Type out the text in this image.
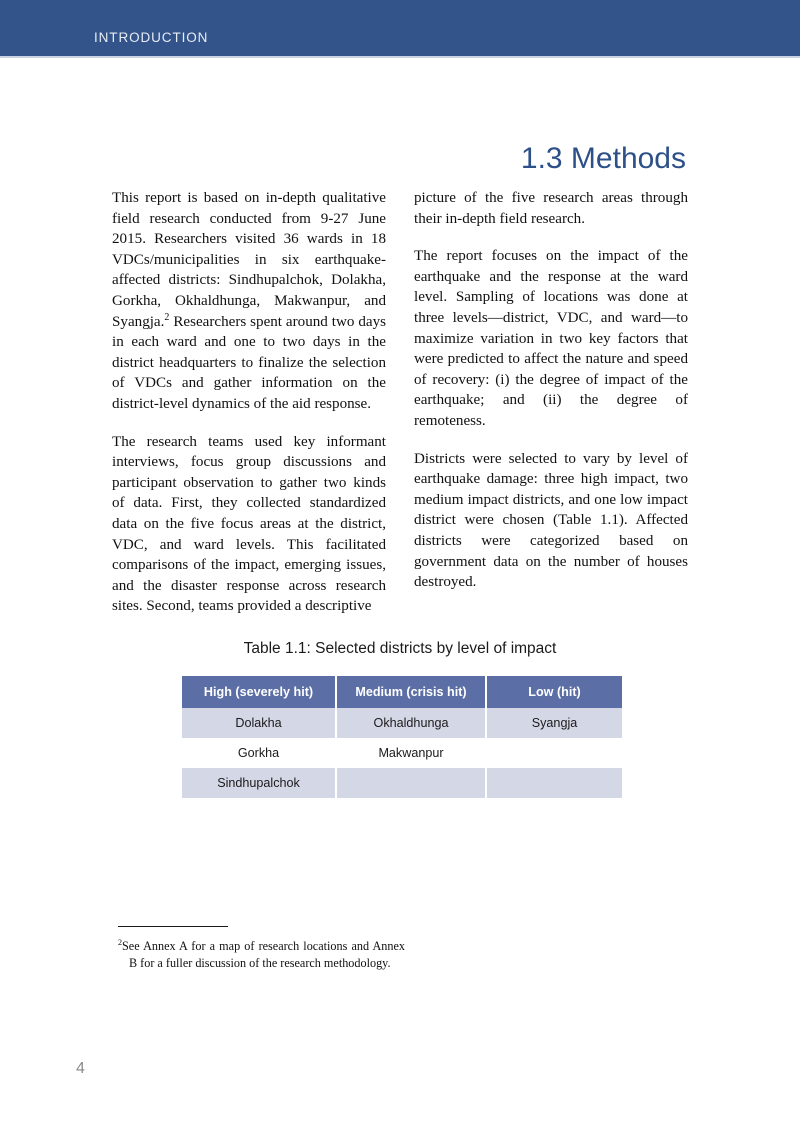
INTRODUCTION
1.3 Methods

This report is based on in-depth qualitative field research conducted from 9-27 June 2015. Researchers visited 36 wards in 18 VDCs/municipalities in six earthquake-affected districts: Sindhupalchok, Dolakha, Gorkha, Okhaldhunga, Makwanpur, and Syangja.$^2$ Researchers spent around two days in each ward and one to two days in the district headquarters to finalize the selection of VDCs and gather information on the district-level dynamics of the aid response.

The research teams used key informant interviews, focus group discussions and participant observation to gather two kinds of data. First, they collected standardized data on the five focus areas at the district, VDC, and ward levels. This facilitated comparisons of the impact, emerging issues, and the disaster response across research sites. Second, teams provided a descriptive

picture of the five research areas through their in-depth field research.

The report focuses on the impact of the earthquake and the response at the ward level. Sampling of locations was done at three levels—district, VDC, and ward—to maximize variation in two key factors that were predicted to affect the nature and speed of recovery: (i) the degree of impact of the earthquake; and (ii) the degree of remoteness.

Districts were selected to vary by level of earthquake damage: three high impact, two medium impact districts, and one low impact district were chosen (Table 1.1). Affected districts were categorized based on government data on the number of houses destroyed.

Table 1.1: Selected districts by level of impact
High (severely hit)	Medium (crisis hit)	Low (hit)
Dolakha	Okhaldhunga	Syangja
Gorkha	Makwanpur	
Sindhupalchok		
$^2$See Annex A for a map of research locations and Annex B for a fuller discussion of the research methodology.
4
